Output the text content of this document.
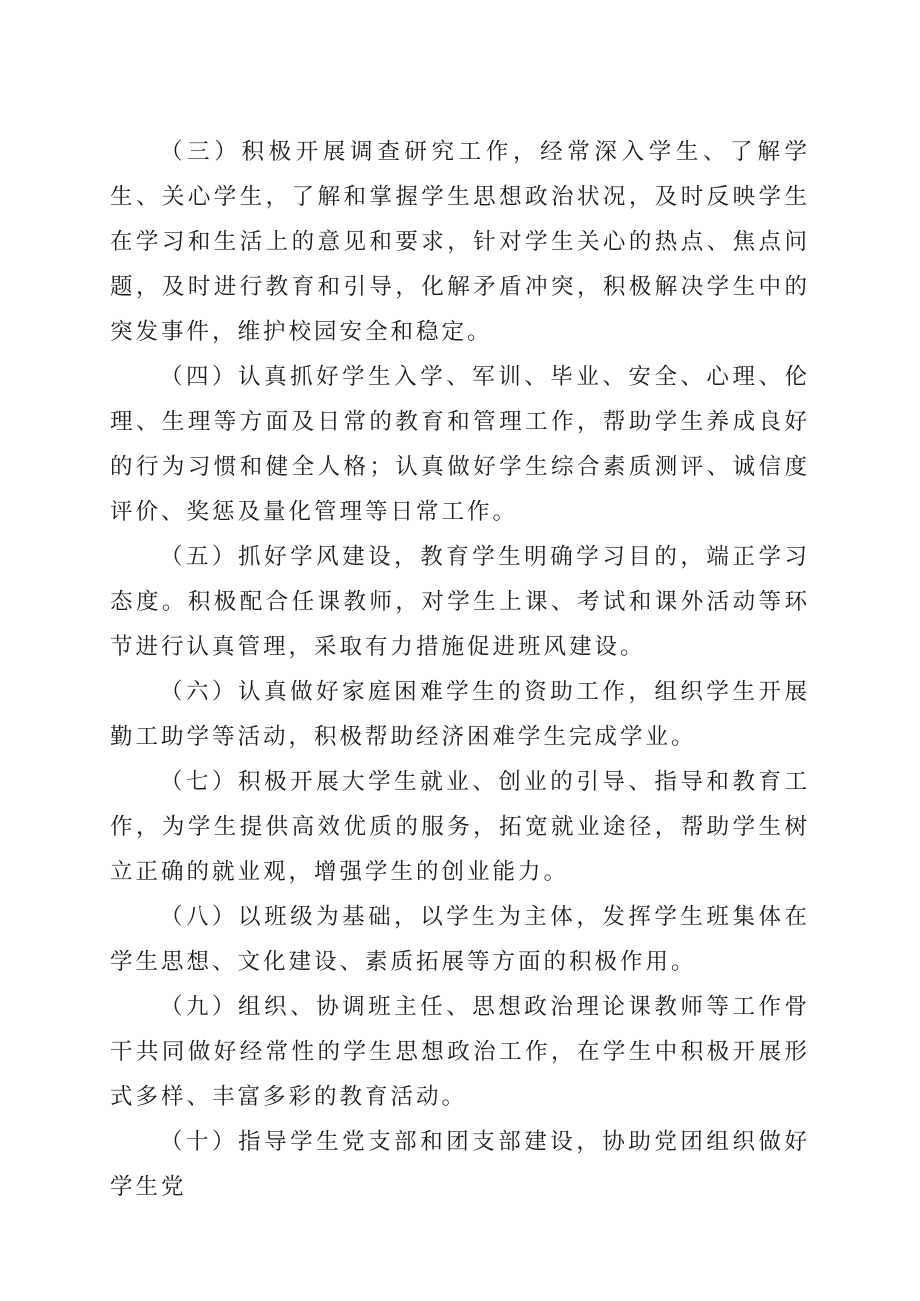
（三）积极开展调查研究工作，经常深入学生、了解学生、关心学生，了解和掌握学生思想政治状况，及时反映学生在学习和生活上的意见和要求，针对学生关心的热点、焦点问题，及时进行教育和引导，化解矛盾冲突，积极解决学生中的突发事件，维护校园安全和稳定。

（四）认真抓好学生入学、军训、毕业、安全、心理、伦理、生理等方面及日常的教育和管理工作，帮助学生养成良好的行为习惯和健全人格；认真做好学生综合素质测评、诚信度评价、奖惩及量化管理等日常工作。

（五）抓好学风建设，教育学生明确学习目的，端正学习态度。积极配合任课教师，对学生上课、考试和课外活动等环节进行认真管理，采取有力措施促进班风建设。

（六）认真做好家庭困难学生的资助工作，组织学生开展勤工助学等活动，积极帮助经济困难学生完成学业。

（七）积极开展大学生就业、创业的引导、指导和教育工作，为学生提供高效优质的服务，拓宽就业途径，帮助学生树立正确的就业观，增强学生的创业能力。

（八）以班级为基础，以学生为主体，发挥学生班集体在学生思想、文化建设、素质拓展等方面的积极作用。

（九）组织、协调班主任、思想政治理论课教师等工作骨干共同做好经常性的学生思想政治工作，在学生中积极开展形式多样、丰富多彩的教育活动。

（十）指导学生党支部和团支部建设，协助党团组织做好学生党
